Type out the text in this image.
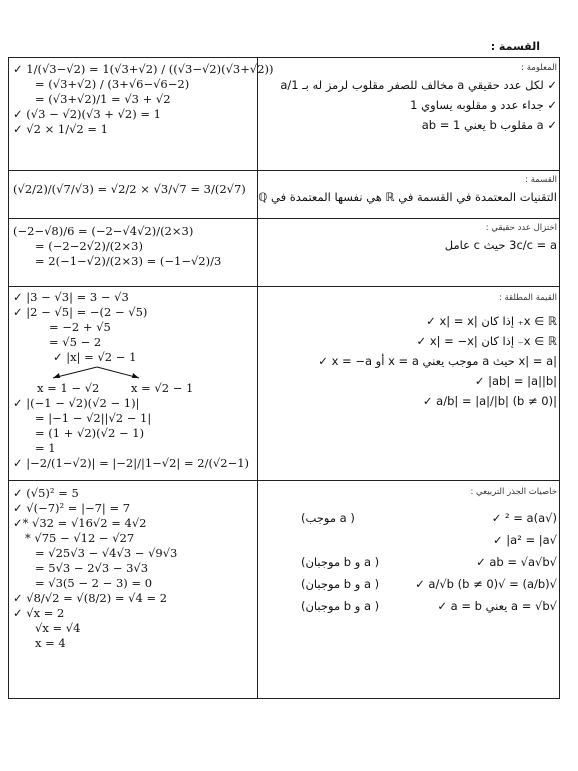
القسمة :
المعلومة :
✓ لكل عدد حقيقي a مخالف للصفر مقلوب لرمز له بـ 1/a
✓ جداء عدد و مقلوبه يساوي 1
✓ a مقلوب b يعني ab = 1
✓ 1/(√3−√2) = 1(√3+√2) / ((√3−√2)(√3+√2))
= (√3+√2) / (3+√6−√6−2)
= (√3+√2)/1 = √3 + √2
✓ (√3 − √2)(√3 + √2) = 1
✓ √2 × 1/√2 = 1
القسمة :
التقنيات المعتمدة في القسمة في ℝ هي نفسها المعتمدة في ℚ
(√2/2)/(√7/√3) = √2/2 × √3/√7 = 3/(2√7)
اختزال عدد حقيقي :
3c/c = a حيث c عامل
(−2−√8)/6 = (−2−√4√2)/(2×3)
= (−2−2√2)/(2×3)
= 2(−1−√2)/(2×3) = (−1−√2)/3
القيمة المطلقة :
x ∈ ℝ₊ إذا كان |x| = x ✓
x ∈ ℝ₋ إذا كان |x| = −x ✓
|x| = a حيث a موجب يعني x = a أو x = −a ✓
|ab| = |a||b| ✓
|a/b| = |a|/|b| (b ≠ 0) ✓
✓ |3 − √3| = 3 − √3
✓ |2 − √5| = −(2 − √5)
= −2 + √5
= √5 − 2
✓ |x| = √2 − 1
x = 1 − √2	x = √2 − 1
✓ |(−1 − √2)(√2 − 1)|
= |−1 − √2||√2 − 1|
= (1 + √2)(√2 − 1)
= 1
✓ |−2/(1−√2)| = |−2|/|1−√2| = 2/(√2−1)
خاصيات الجذر التربيعي :
(√a)² = a ✓
( a موجب)
√a² = |a| ✓
√ab = √a√b ✓
( a و b موجبان)
√(a/b) = √a/√b (b ≠ 0) ✓
( a و b موجبان)
√a = √b يعني a = b ✓
( a و b موجبان)
✓ (√5)² = 5
✓ √(−7)² = |−7| = 7
✓* √32 = √16√2 = 4√2
* √75 − √12 − √27
= √25√3 − √4√3 − √9√3
= 5√3 − 2√3 − 3√3
= √3(5 − 2 − 3) = 0
✓ √8/√2 = √(8/2) = √4 = 2
✓ √x = 2
√x = √4
x = 4
